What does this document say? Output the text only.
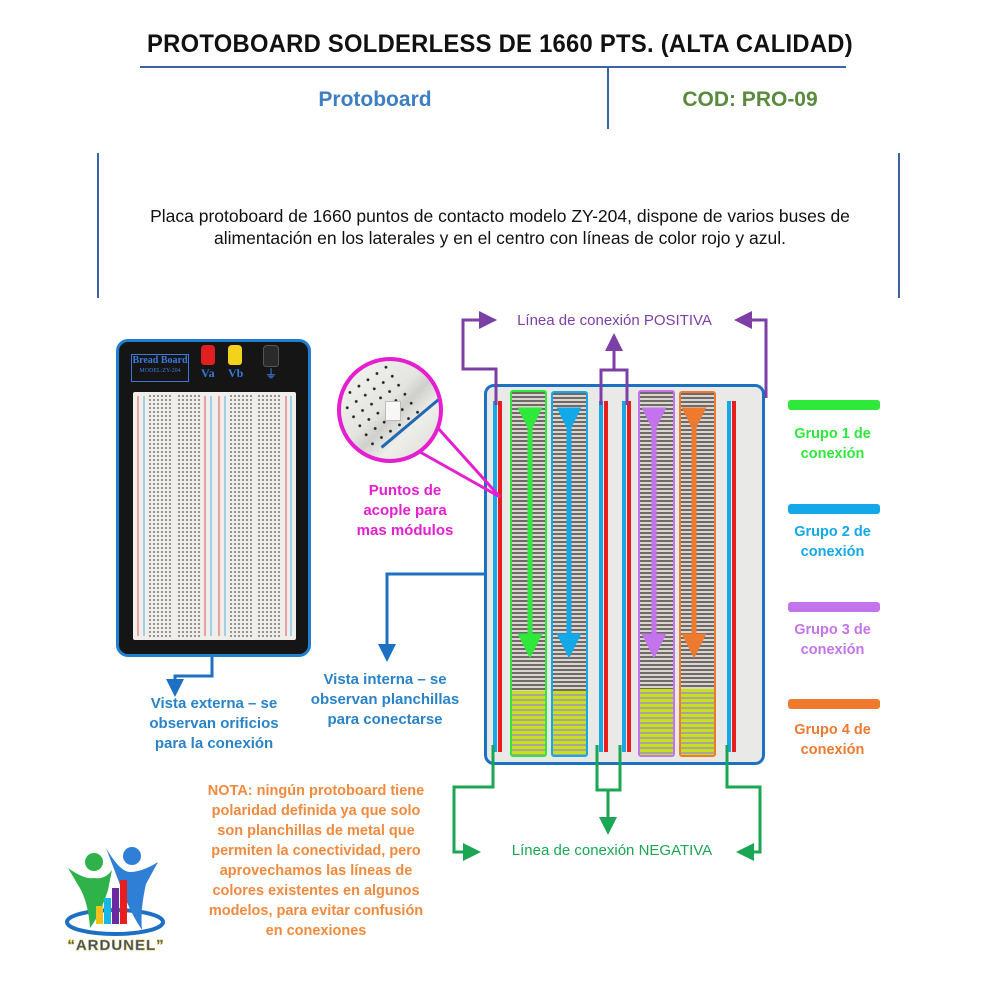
PROTOBOARD SOLDERLESS DE 1660 PTS. (ALTA CALIDAD)
Protoboard	COD: PRO-09
Placa protoboard de 1660 puntos de contacto modelo ZY-204, dispone de varios buses de alimentación en los laterales y en el centro con líneas de color rojo y azul.
Bread Board
MODEL:ZY-204	Va Vb ⏚
Puntos de
acople para
mas módulos
Línea de conexión POSITIVA
Línea de conexión NEGATIVA
Grupo 1 de
conexión
Grupo 2 de
conexión
Grupo 3 de
conexión
Grupo 4 de
conexión
Vista externa – se
observan orificios
para la conexión
Vista interna – se
observan planchillas
para conectarse
NOTA: ningún protoboard tiene
polaridad definida ya que solo
son planchillas de metal que
permiten la conectividad, pero
aprovechamos las líneas de
colores existentes en algunos
modelos, para evitar confusión
en conexiones
“ARDUNEL”
